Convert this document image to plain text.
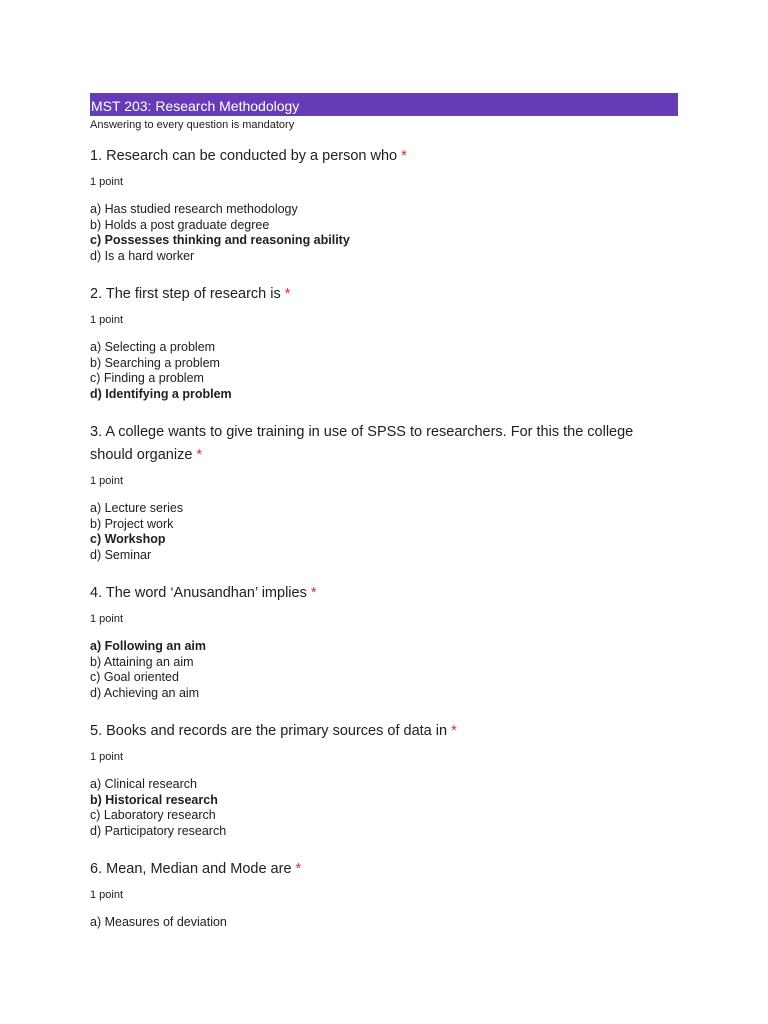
MST 203: Research Methodology
Answering to every question is mandatory
1. Research can be conducted by a person who *
1 point
a) Has studied research methodology
b) Holds a post graduate degree
c) Possesses thinking and reasoning ability
d) Is a hard worker
2. The first step of research is *
1 point
a) Selecting a problem
b) Searching a problem
c) Finding a problem
d) Identifying a problem
3. A college wants to give training in use of SPSS to researchers. For this the college should organize *
1 point
a) Lecture series
b) Project work
c) Workshop
d) Seminar
4. The word ‘Anusandhan’ implies *
1 point
a) Following an aim
b) Attaining an aim
c) Goal oriented
d) Achieving an aim
5. Books and records are the primary sources of data in *
1 point
a) Clinical research
b) Historical research
c) Laboratory research
d) Participatory research
6. Mean, Median and Mode are *
1 point
a) Measures of deviation
